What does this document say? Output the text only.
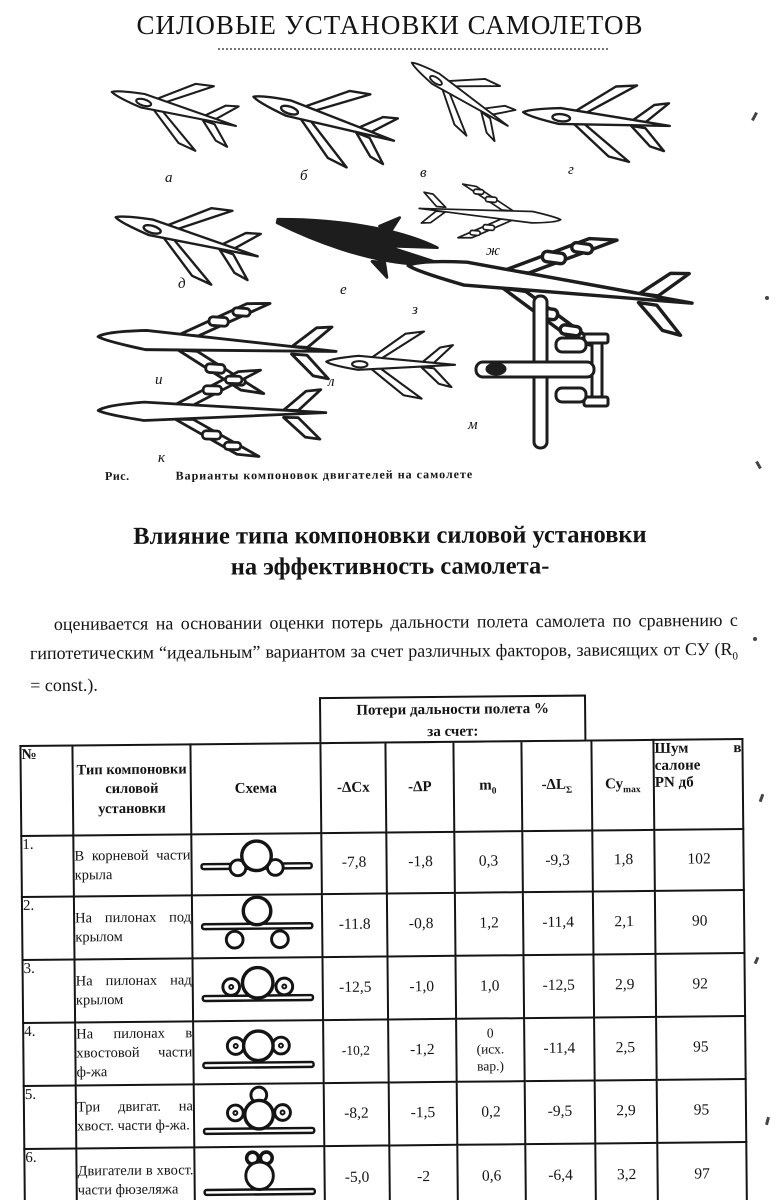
СИЛОВЫЕ УСТАНОВКИ САМОЛЕТОВ
а	б	в	г
д	е
ж
з
и
к
л
м
Рис.	Варианты компоновок двигателей на самолете
Влияние типа компоновки силовой установки
на эффективность самолета-
оценивается на основании оценки потерь дальности полета самолета по сравнению с гипотетическим “идеальным” вариантом за счет различных факторов, зависящих от СУ ($R_0$ = const.).
Потери дальности полета %
за счет:
№	Тип компоновки силовой установки	Схема	-ΔСх	-ΔР	$m_0$	$-\Delta L_\Sigma$	$Су_{max}$	Шум в
салоне
PN дб

1.	В корневой части крыла		-7,8	-1,8	0,3	-9,3	1,8	102
2.	На пилонах под крылом		-11.8	-0,8	1,2	-11,4	2,1	90
3.	На пилонах над крылом		-12,5	-1,0	1,0	-12,5	2,9	92
4.	На пилонах в хвостовой части ф-жа		-10,2	-1,2	0
(исх.
вар.)	-11,4	2,5	95
5.	Три двигат. на хвост. части ф-жа.		-8,2	-1,5	0,2	-9,5	2,9	95
6.	Двигатели в хвост. части фюзеляжа		-5,0	-2	0,6	-6,4	3,2	97
